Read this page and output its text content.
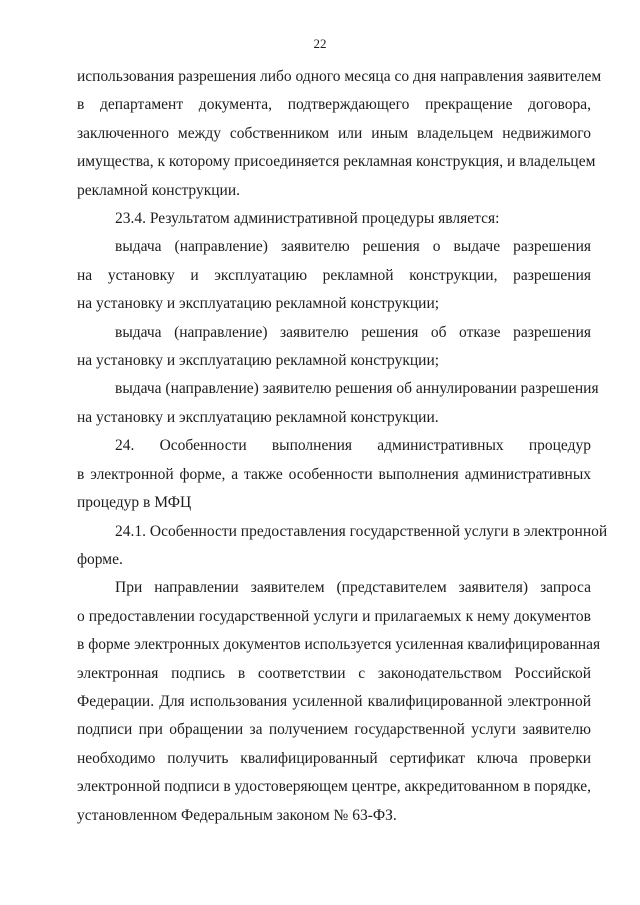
22

использования разрешения либо одного месяца со дня направления заявителем
в департамент документа, подтверждающего прекращение договора,
заключенного между собственником или иным владельцем недвижимого
имущества, к которому присоединяется рекламная конструкция, и владельцем
рекламной конструкции.

23.4. Результатом административной процедуры является:

выдача (направление) заявителю решения о выдаче разрешения
на установку и эксплуатацию рекламной конструкции, разрешения
на установку и эксплуатацию рекламной конструкции;

выдача (направление) заявителю решения об отказе разрешения
на установку и эксплуатацию рекламной конструкции;

выдача (направление) заявителю решения об аннулировании разрешения
на установку и эксплуатацию рекламной конструкции.

24. Особенности выполнения административных процедур
в электронной форме, а также особенности выполнения административных
процедур в МФЦ

24.1. Особенности предоставления государственной услуги в электронной
форме.

При направлении заявителем (представителем заявителя) запроса
о предоставлении государственной услуги и прилагаемых к нему документов
в форме электронных документов используется усиленная квалифицированная
электронная подпись в соответствии с законодательством Российской
Федерации. Для использования усиленной квалифицированной электронной
подписи при обращении за получением государственной услуги заявителю
необходимо получить квалифицированный сертификат ключа проверки
электронной подписи в удостоверяющем центре, аккредитованном в порядке,
установленном Федеральным законом № 63-ФЗ.
